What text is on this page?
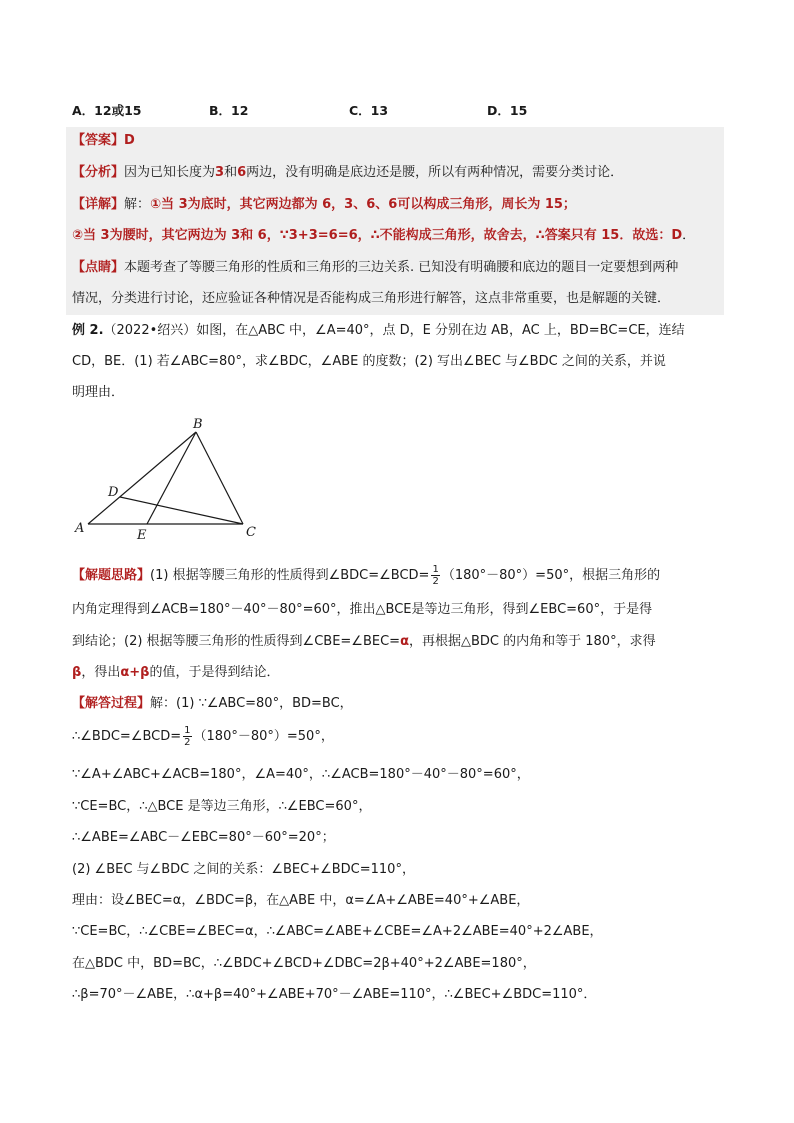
A．12或15	B．12	C．13	D．15
【答案】D
【分析】因为已知长度为3和6两边，没有明确是底边还是腰，所以有两种情况，需要分类讨论．
【详解】解：①当 3为底时，其它两边都为 6，3、6、6可以构成三角形，周长为 15；
②当 3为腰时，其它两边为 3和 6，∵3+3=6=6，∴不能构成三角形，故舍去，∴答案只有 15．故选：D．
【点睛】本题考查了等腰三角形的性质和三角形的三边关系. 已知没有明确腰和底边的题目一定要想到两种
情况，分类进行讨论，还应验证各种情况是否能构成三角形进行解答，这点非常重要，也是解题的关键．
例 2.（2022•绍兴）如图，在△ABC 中，∠A=40°，点 D，E 分别在边 AB，AC 上，BD=BC=CE，连结
CD，BE．(1) 若∠ABC=80°，求∠BDC，∠ABE 的度数；(2) 写出∠BEC 与∠BDC 之间的关系，并说
明理由．
B
D
A	E	C
【解题思路】(1) 根据等腰三角形的性质得到∠BDC=∠BCD= $\frac{1}{2} (180^\circ-80^\circ)=50^\circ$，根据三角形的
内角定理得到∠ACB=180°－40°－80°=60°，推出△BCE是等边三角形，得到∠EBC=60°，于是得
到结论；(2) 根据等腰三角形的性质得到∠CBE=∠BEC=α，再根据△BDC 的内角和等于 180°，求得
β，得出α+β的值，于是得到结论．
【解答过程】解：(1) ∵∠ABC=80°，BD=BC，
∴∠BDC=∠BCD= $\frac{1}{2} (180^\circ-80^\circ)=50^\circ$，
∵∠A+∠ABC+∠ACB=180°，∠A=40°，∴∠ACB=180°－40°－80°=60°，
∵CE=BC，∴△BCE 是等边三角形，∴∠EBC=60°，
∴∠ABE=∠ABC－∠EBC=80°－60°=20°；
(2) ∠BEC 与∠BDC 之间的关系：∠BEC+∠BDC=110°，
理由：设∠BEC=α，∠BDC=β，在△ABE 中，α=∠A+∠ABE=40°+∠ABE，
∵CE=BC，∴∠CBE=∠BEC=α，∴∠ABC=∠ABE+∠CBE=∠A+2∠ABE=40°+2∠ABE，
在△BDC 中，BD=BC，∴∠BDC+∠BCD+∠DBC=2β+40°+2∠ABE=180°，
∴β=70°－∠ABE，∴α+β=40°+∠ABE+70°－∠ABE=110°，∴∠BEC+∠BDC=110°．
